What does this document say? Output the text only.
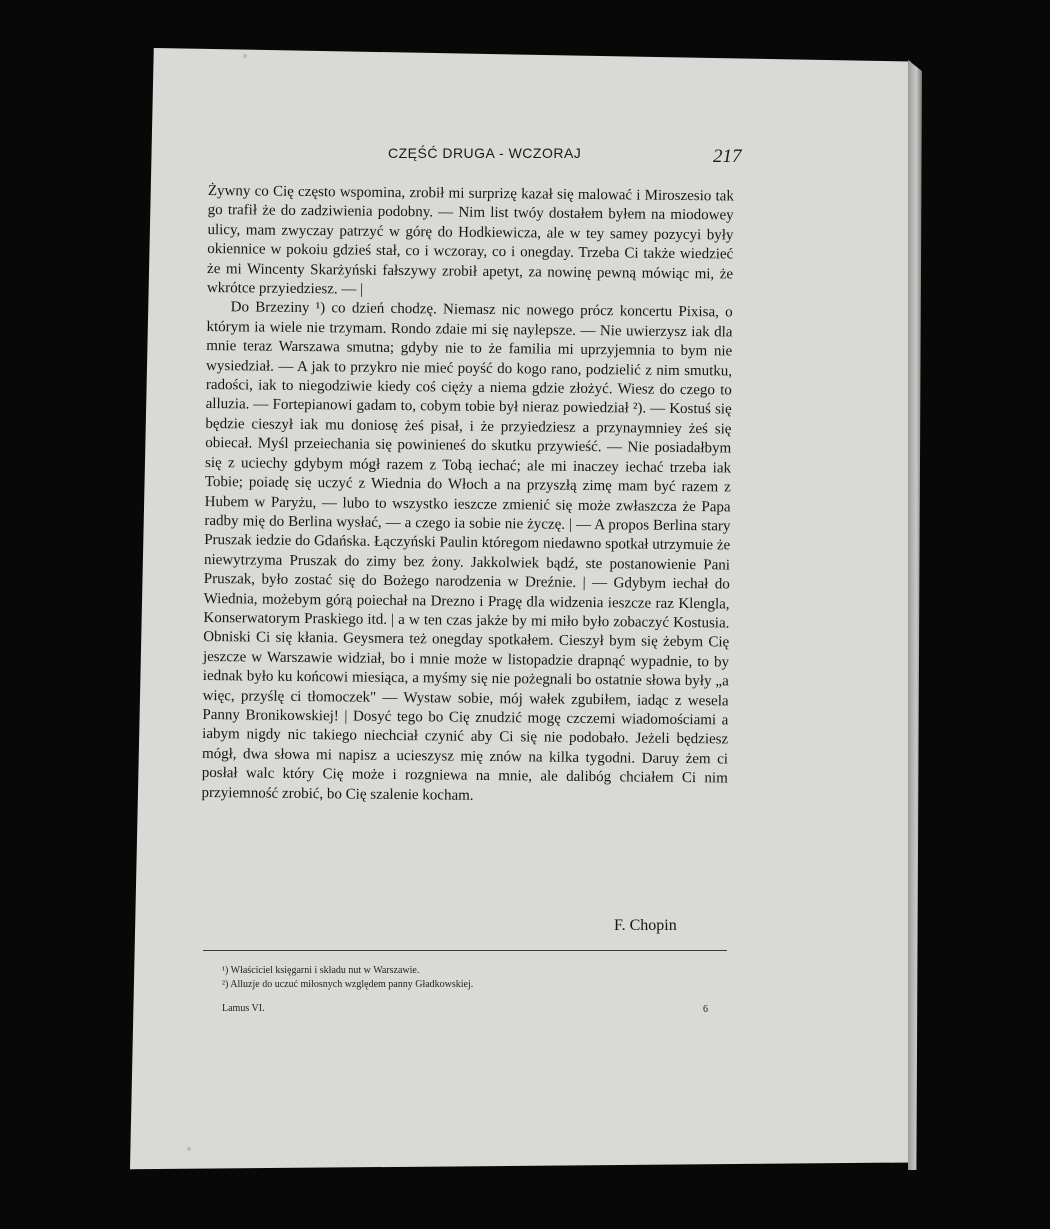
CZĘŚĆ DRUGA - WCZORAJ	217

Żywny co Cię często wspomina, zrobił mi surprizę kazał się malować i Miroszesio tak go trafił że do zadziwienia podobny. — Nim list twóy dostałem byłem na miodowey ulicy, mam zwyczay patrzyć w górę do Hodkiewicza, ale w tey samey pozycyi były okiennice w pokoiu gdzieś stał, co i wczoray, co i onegday. Trzeba Ci także wiedzieć że mi Wincenty Skarżyński fałszywy zrobił apetyt, za nowinę pewną mówiąc mi, że wkrótce przyiedziesz. — |

Do Brzeziny ¹) co dzień chodzę. Niemasz nic nowego prócz koncertu Pixisa, o którym ia wiele nie trzymam. Rondo zdaie mi się naylepsze. — Nie uwierzysz iak dla mnie teraz Warszawa smutna; gdyby nie to że familia mi uprzyjemnia to bym nie wysiedział. — A jak to przykro nie mieć poyść do kogo rano, podzielić z nim smutku, radości, iak to niegodziwie kiedy coś cięży a niema gdzie złożyć. Wiesz do czego to alluzia. — Fortepianowi gadam to, cobym tobie był nieraz powiedział ²). — Kostuś się będzie cieszył iak mu doniosę żeś pisał, i że przyiedziesz a przynaymniey żeś się obiecał. Myśl przeiechania się powinieneś do skutku przywieść. — Nie posiadałbym się z uciechy gdybym mógł razem z Tobą iechać; ale mi inaczey iechać trzeba iak Tobie; poiadę się uczyć z Wiednia do Włoch a na przyszłą zimę mam być razem z Hubem w Paryżu, — lubo to wszystko ieszcze zmienić się może zwłaszcza że Papa radby mię do Berlina wysłać, — a czego ia sobie nie życzę. | — A propos Berlina stary Pruszak iedzie do Gdańska. Łączyński Paulin któregom niedawno spotkał utrzymuie że niewytrzyma Pruszak do zimy bez żony. Jakkolwiek bądź, ste postanowienie Pani Pruszak, było zostać się do Bożego narodzenia w Dreźnie. | — Gdybym iechał do Wiednia, możebym górą poiechał na Drezno i Pragę dla widzenia ieszcze raz Klengla, Konserwatorym Praskiego itd. | a w ten czas jakże by mi miło było zobaczyć Kostusia. Obniski Ci się kłania. Geysmera też onegday spotkałem. Cieszył bym się żebym Cię jeszcze w Warszawie widział, bo i mnie może w listopadzie drapnąć wypadnie, to by iednak było ku końcowi miesiąca, a myśmy się nie pożegnali bo ostatnie słowa były „a więc, przyślę ci tłomoczek" — Wystaw sobie, mój wałek zgubiłem, iadąc z wesela Panny Bronikowskiej! | Dosyć tego bo Cię znudzić mogę czczemi wiadomościami a iabym nigdy nic takiego niechciał czynić aby Ci się nie podobało. Jeżeli będziesz mógł, dwa słowa mi napisz a ucieszysz mię znów na kilka tygodni. Daruy żem ci posłał walc który Cię może i rozgniewa na mnie, ale dalibóg chciałem Ci nim przyiemność zrobić, bo Cię szalenie kocham.

F. Chopin
¹) Właściciel księgarni i składu nut w Warszawie.
²) Alluzje do uczuć miłosnych względem panny Gładkowskiej.
Lamus VI.	6
